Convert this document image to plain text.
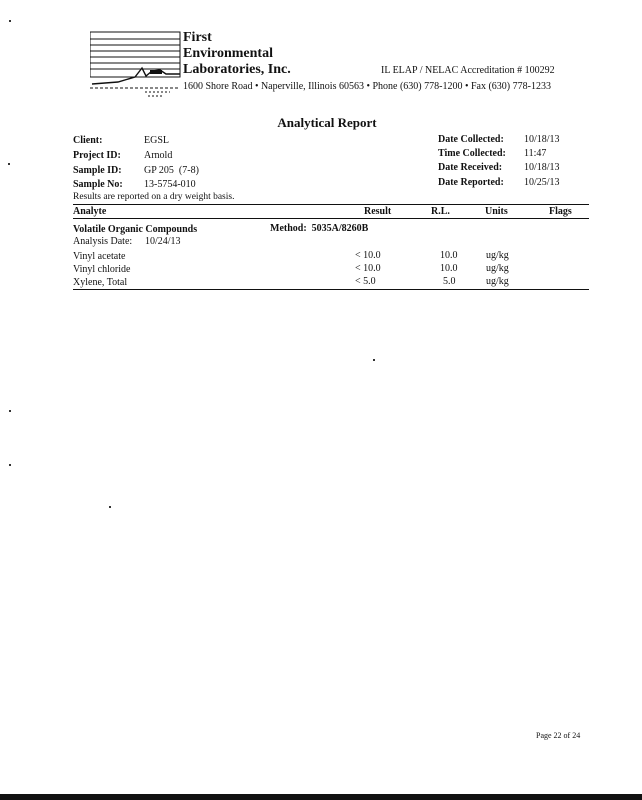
First
Environmental
Laboratories, Inc.	IL ELAP / NELAC Accreditation # 100292
1600 Shore Road • Naperville, Illinois 60563 • Phone (630) 778-1200 • Fax (630) 778-1233
Analytical Report
Client:	EGSL
Project ID: Arnold
Sample ID: GP 205  (7-8)
Sample No: 13-5754-010
Date Collected: 10/18/13
Time Collected: 11:47
Date Received: 10/18/13
Date Reported: 10/25/13
Results are reported on a dry weight basis.
Analyte	Result	R.L.	Units	Flags
Volatile Organic Compounds	Method:  5035A/8260B
Analysis Date: 10/24/13
Vinyl acetate	< 10.0	10.0	ug/kg
Vinyl chloride	< 10.0	10.0	ug/kg
Xylene, Total	< 5.0	5.0	ug/kg
Page 22 of 24
